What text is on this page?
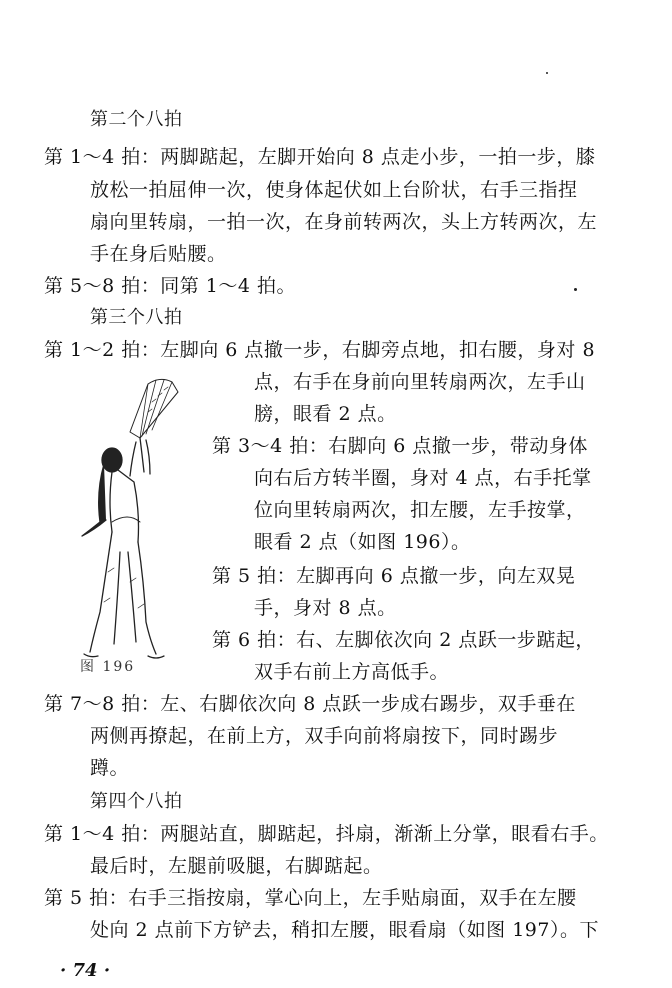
第二个八拍
第 1～4 拍：两脚踮起，左脚开始向 8 点走小步，一拍一步，膝
放松一拍屈伸一次，使身体起伏如上台阶状，右手三指捏
扇向里转扇，一拍一次，在身前转两次，头上方转两次，左
手在身后贴腰。
第 5～8 拍：同第 1～4 拍。
第三个八拍
第 1～2 拍：左脚向 6 点撤一步，右脚旁点地，扣右腰，身对 8
点，右手在身前向里转扇两次，左手山
膀，眼看 2 点。
第 3～4 拍：右脚向 6 点撤一步，带动身体
向右后方转半圈，身对 4 点，右手托掌
位向里转扇两次，扣左腰，左手按掌，
眼看 2 点（如图 196）。
第 5 拍：左脚再向 6 点撤一步，向左双晃
手，身对 8 点。
第 6 拍：右、左脚依次向 2 点跃一步踮起，
双手右前上方高低手。
第 7～8 拍：左、右脚依次向 8 点跃一步成右踢步，双手垂在
两侧再撩起，在前上方，双手向前将扇按下，同时踢步
蹲。
第四个八拍
第 1～4 拍：两腿站直，脚踮起，抖扇，渐渐上分掌，眼看右手。
最后时，左腿前吸腿，右脚踮起。
第 5 拍：右手三指按扇，掌心向上，左手贴扇面，双手在左腰
处向 2 点前下方铲去，稍扣左腰，眼看扇（如图 197）。下
图 196
· 74 ·
